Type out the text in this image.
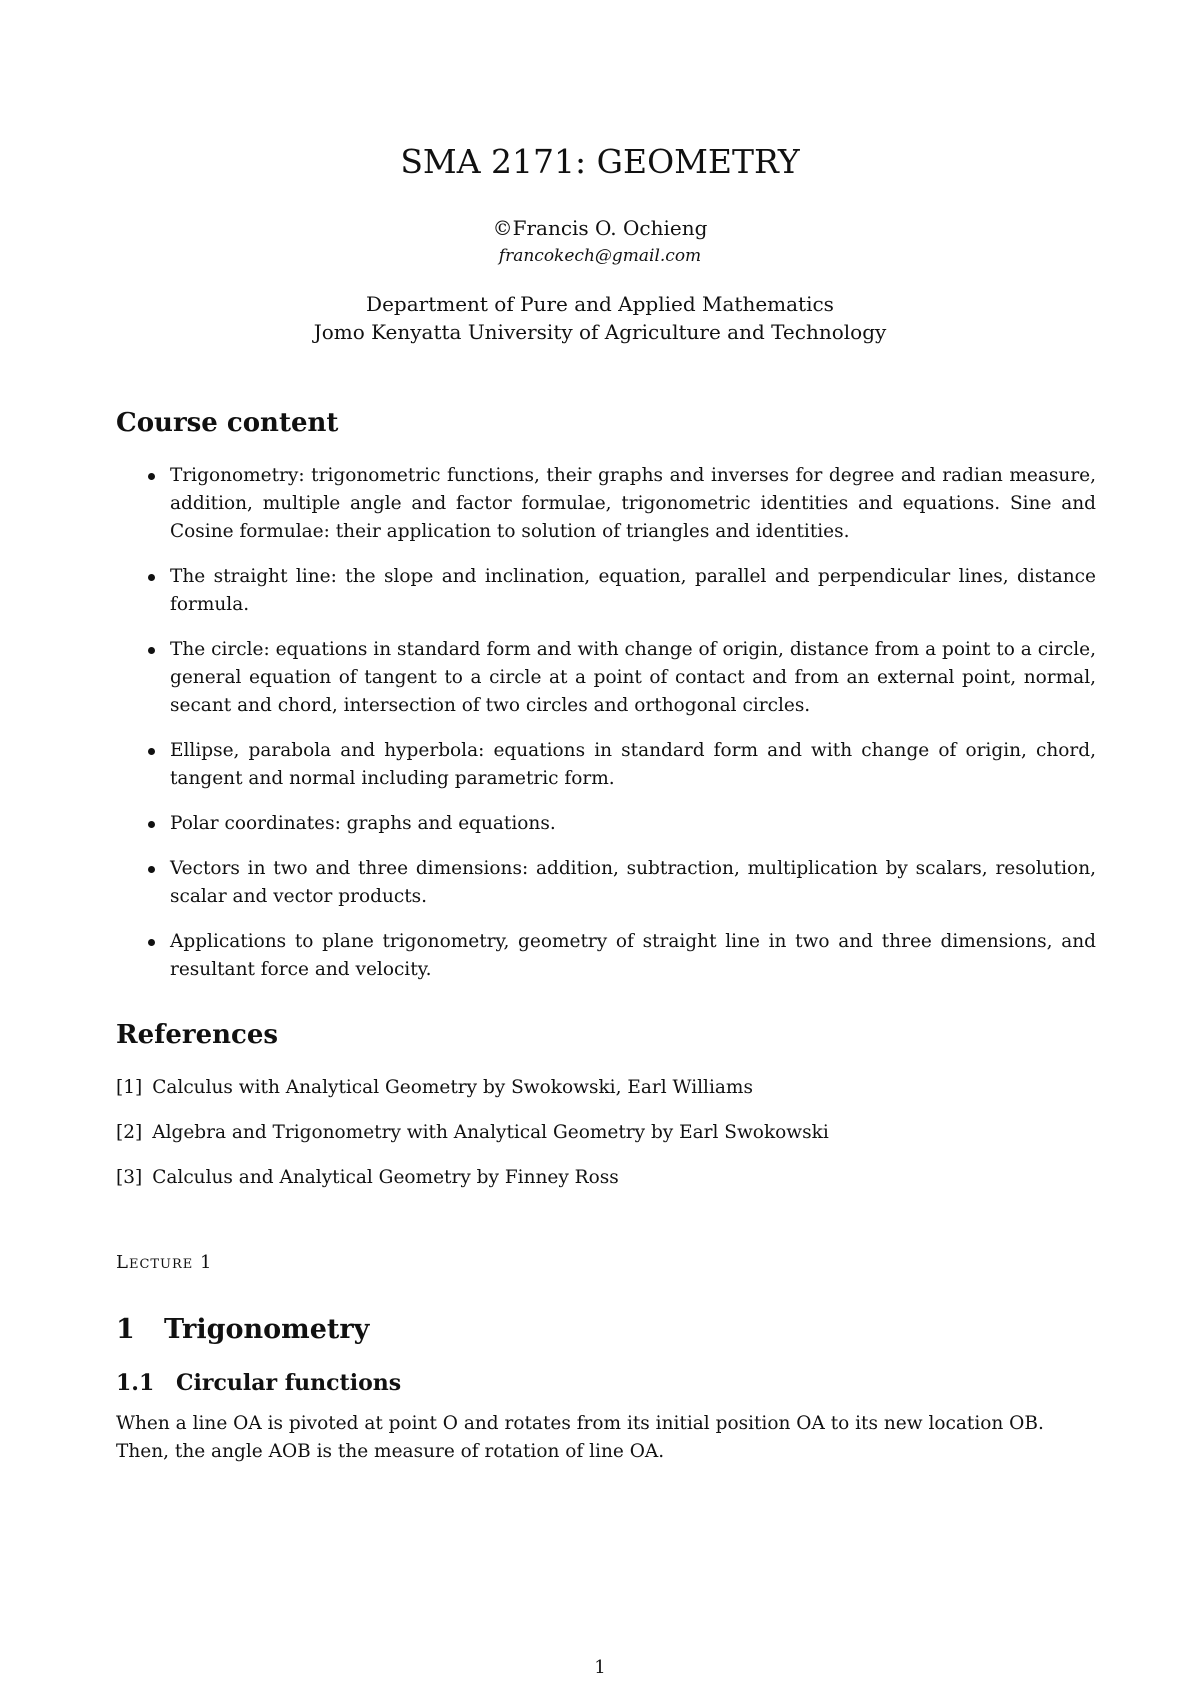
SMA 2171: GEOMETRY
©Francis O. Ochieng
francokech@gmail.com
Department of Pure and Applied Mathematics
Jomo Kenyatta University of Agriculture and Technology
Course content
Trigonometry: trigonometric functions, their graphs and inverses for degree and radian measure, addition, multiple angle and factor formulae, trigonometric identities and equations. Sine and Cosine formulae: their application to solution of triangles and identities.
The straight line: the slope and inclination, equation, parallel and perpendicular lines, distance formula.
The circle: equations in standard form and with change of origin, distance from a point to a circle, general equation of tangent to a circle at a point of contact and from an external point, normal, secant and chord, intersection of two circles and orthogonal circles.
Ellipse, parabola and hyperbola: equations in standard form and with change of origin, chord, tangent and normal including parametric form.
Polar coordinates: graphs and equations.
Vectors in two and three dimensions: addition, subtraction, multiplication by scalars, resolution, scalar and vector products.
Applications to plane trigonometry, geometry of straight line in two and three dimensions, and resultant force and velocity.
References
[1] Calculus with Analytical Geometry by Swokowski, Earl Williams
[2] Algebra and Trigonometry with Analytical Geometry by Earl Swokowski
[3] Calculus and Analytical Geometry by Finney Ross
Lecture 1
1 Trigonometry
1.1 Circular functions

When a line OA is pivoted at point O and rotates from its initial position OA to its new location OB. Then, the angle AOB is the measure of rotation of line OA.

1
